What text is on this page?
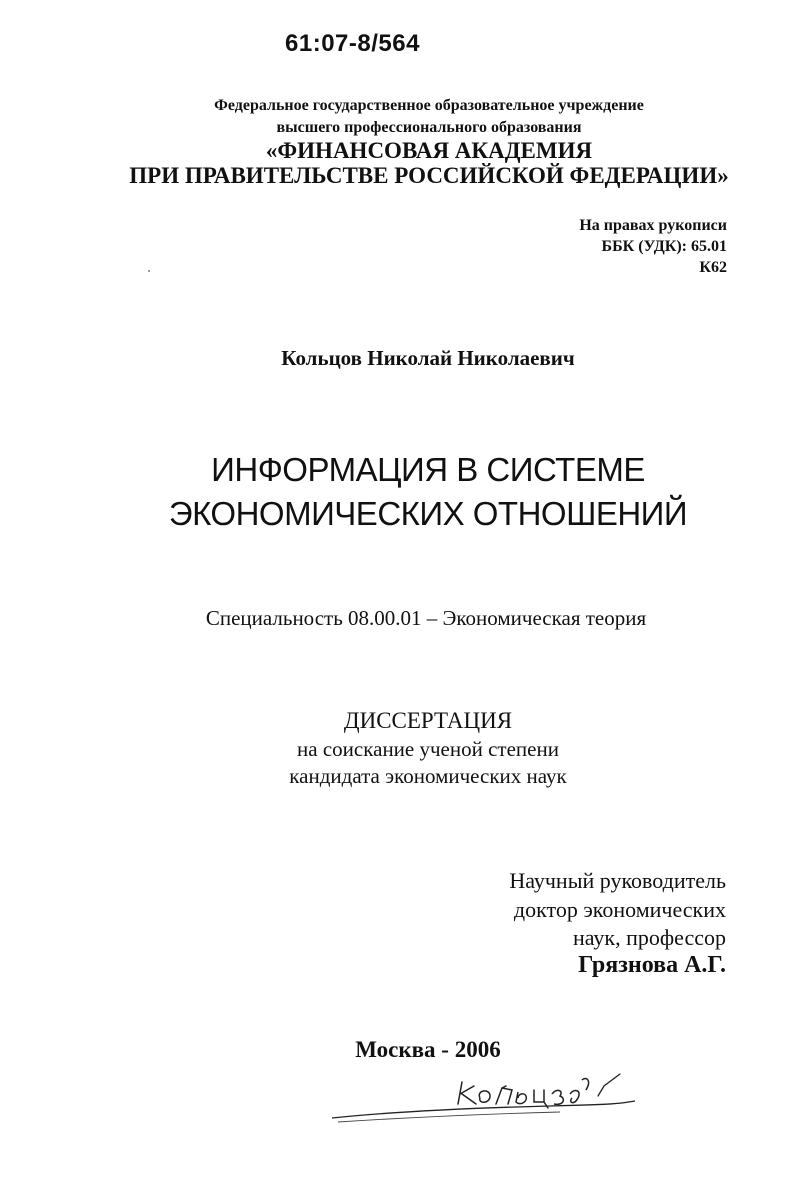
61:07-8/564

Федеральное государственное образовательное учреждение

высшего профессионального образования

«ФИНАНСОВАЯ АКАДЕМИЯ

ПРИ ПРАВИТЕЛЬСТВЕ РОССИЙСКОЙ ФЕДЕРАЦИИ»

На правах рукописи

ББК (УДК): 65.01

К62

Кольцов Николай Николаевич

ИНФОРМАЦИЯ В СИСТЕМЕ

ЭКОНОМИЧЕСКИХ ОТНОШЕНИЙ

Специальность 08.00.01 – Экономическая теория

ДИССЕРТАЦИЯ

на соискание ученой степени

кандидата экономических наук

Научный руководитель

доктор экономических

наук, профессор

Грязнова А.Г.

Москва - 2006
